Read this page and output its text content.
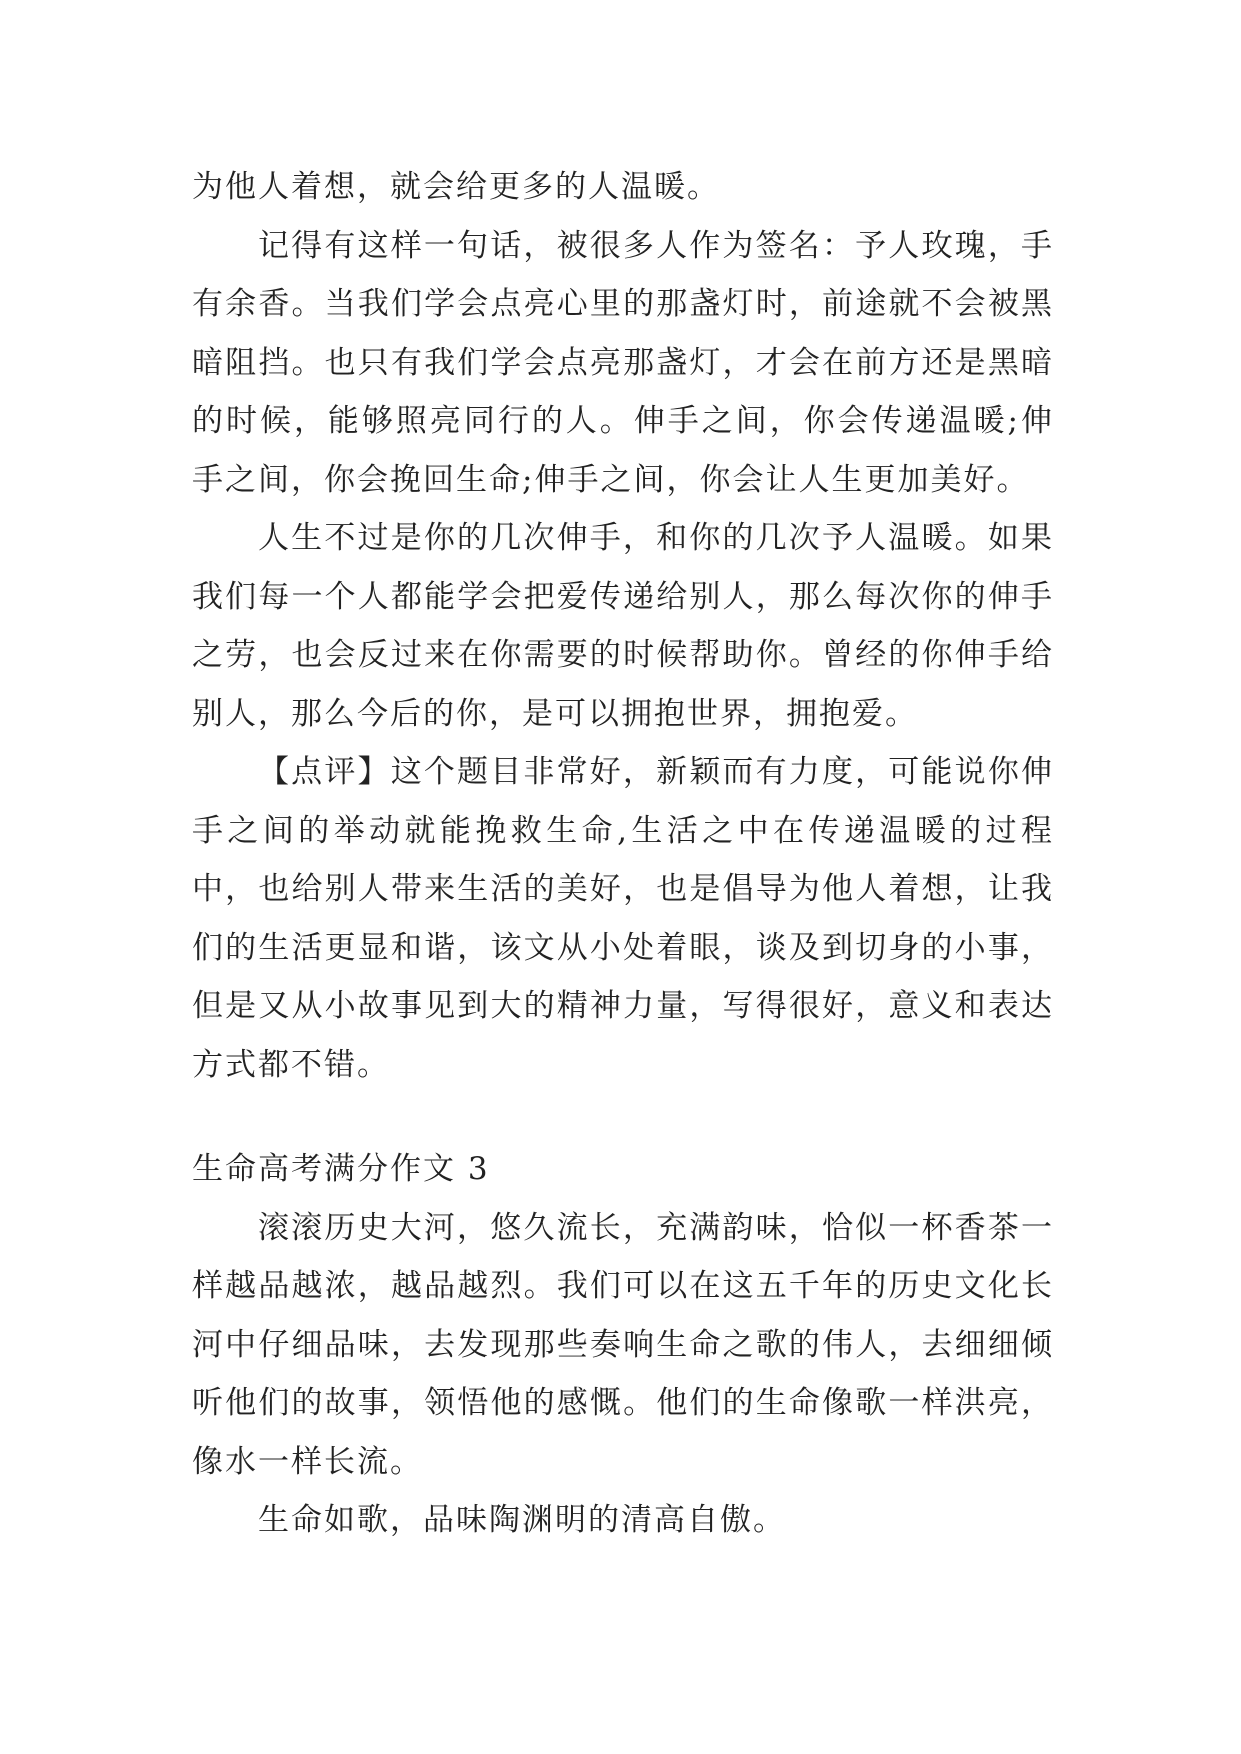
为他人着想，就会给更多的人温暖。

记得有这样一句话，被很多人作为签名：予人玫瑰，手有余香。当我们学会点亮心里的那盏灯时，前途就不会被黑暗阻挡。也只有我们学会点亮那盏灯，才会在前方还是黑暗的时候，能够照亮同行的人。伸手之间，你会传递温暖;伸手之间，你会挽回生命;伸手之间，你会让人生更加美好。

人生不过是你的几次伸手，和你的几次予人温暖。如果我们每一个人都能学会把爱传递给别人，那么每次你的伸手之劳，也会反过来在你需要的时候帮助你。曾经的你伸手给别人，那么今后的你，是可以拥抱世界，拥抱爱。

【点评】这个题目非常好，新颖而有力度，可能说你伸手之间的举动就能挽救生命,生活之中在传递温暖的过程中，也给别人带来生活的美好，也是倡导为他人着想，让我们的生活更显和谐，该文从小处着眼，谈及到切身的小事，但是又从小故事见到大的精神力量，写得很好，意义和表达方式都不错。

生命高考满分作文 3

滚滚历史大河，悠久流长，充满韵味，恰似一杯香茶一样越品越浓，越品越烈。我们可以在这五千年的历史文化长河中仔细品味，去发现那些奏响生命之歌的伟人，去细细倾听他们的故事，领悟他的感慨。他们的生命像歌一样洪亮，像水一样长流。

生命如歌，品味陶渊明的清高自傲。
